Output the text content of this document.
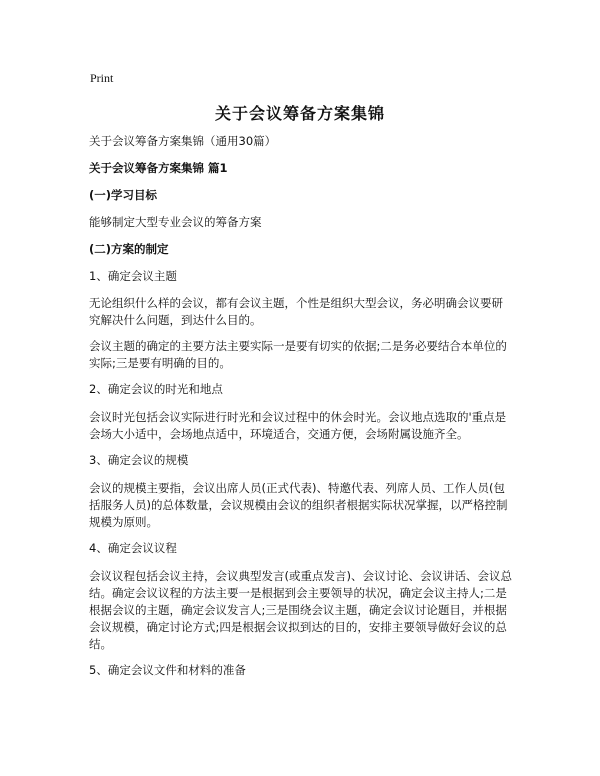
Print
关于会议筹备方案集锦

关于会议筹备方案集锦（通用30篇）

关于会议筹备方案集锦 篇1

(一)学习目标

能够制定大型专业会议的筹备方案

(二)方案的制定

1、确定会议主题

无论组织什么样的会议，都有会议主题，个性是组织大型会议，务必明确会议要研究解决什么问题，到达什么目的。

会议主题的确定的主要方法主要实际一是要有切实的依据;二是务必要结合本单位的实际;三是要有明确的目的。

2、确定会议的时光和地点

会议时光包括会议实际进行时光和会议过程中的休会时光。会议地点选取的'重点是会场大小适中，会场地点适中，环境适合，交通方便，会场附属设施齐全。

3、确定会议的规模

会议的规模主要指，会议出席人员(正式代表)、特邀代表、列席人员、工作人员(包括服务人员)的总体数量，会议规模由会议的组织者根据实际状况掌握，以严格控制规模为原则。

4、确定会议议程

会议议程包括会议主持，会议典型发言(或重点发言)、会议讨论、会议讲话、会议总结。确定会议议程的方法主要一是根据到会主要领导的状况，确定会议主持人;二是根据会议的主题，确定会议发言人;三是围绕会议主题，确定会议讨论题目，并根据会议规模，确定讨论方式;四是根据会议拟到达的目的，安排主要领导做好会议的总结。

5、确定会议文件和材料的准备
